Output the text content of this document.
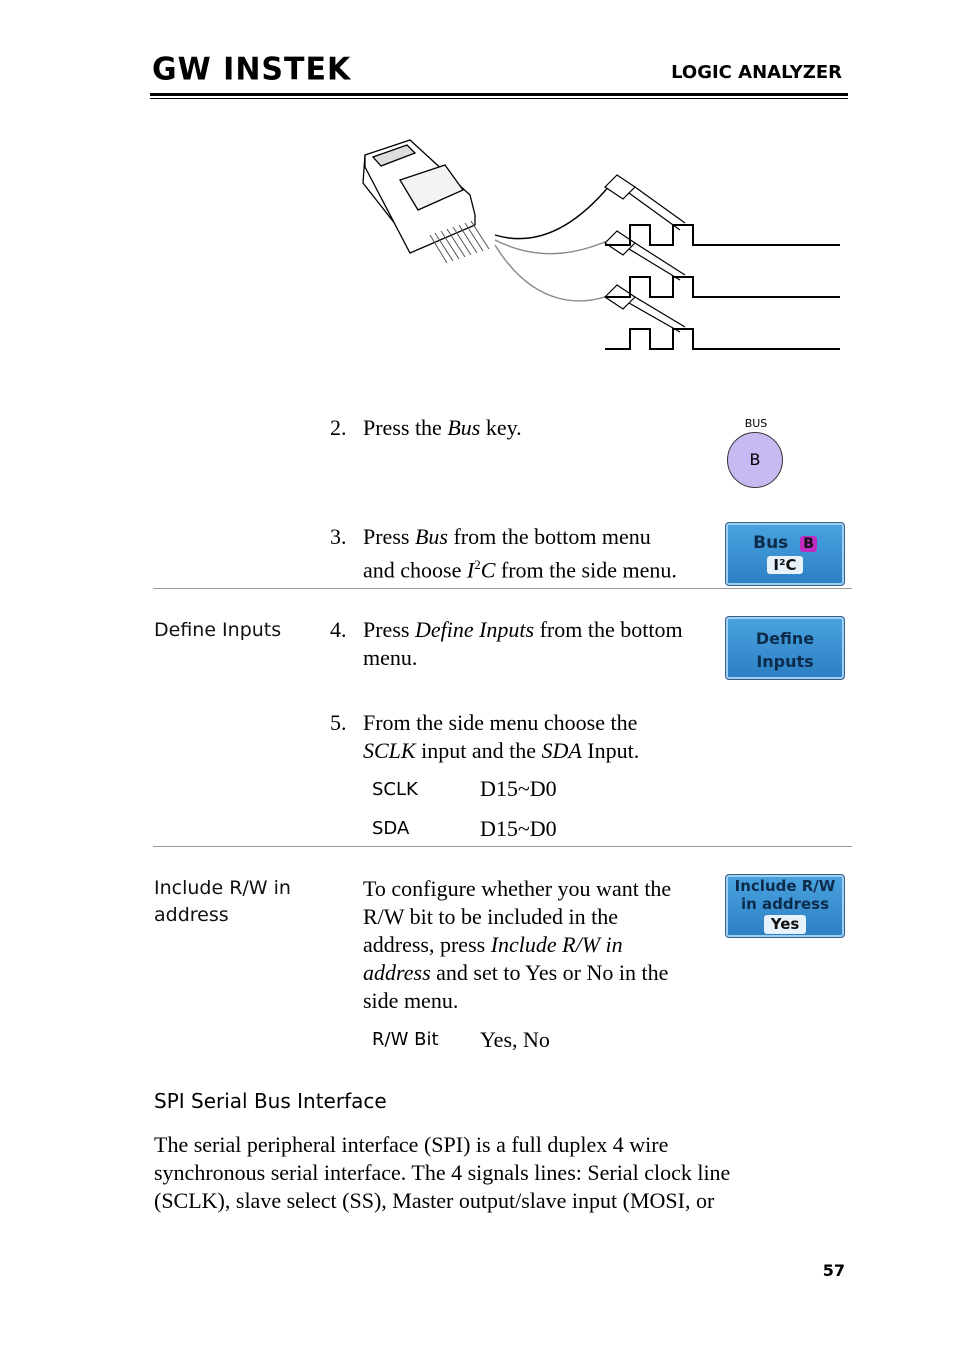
GW INSTEK	LOGIC ANALYZER
2. Press the Bus key.	BUS
B
3. Press Bus from the bottom menu
and choose $I^2C$ from the side menu.
Bus B
I²C
Define Inputs 4. Press Define Inputs from the bottom
menu.
Define
Inputs
5. From the side menu choose the
SCLK input and the SDA Input.
SCLK	D15~D0
SDA	D15~D0
Include R/W in
address
To configure whether you want the
R/W bit to be included in the
address, press Include R/W in
address and set to Yes or No in the
side menu.
Include R/W
in address
Yes
R/W Bit Yes, No
SPI Serial Bus Interface
The serial peripheral interface (SPI) is a full duplex 4 wire
synchronous serial interface. The 4 signals lines: Serial clock line
(SCLK), slave select (SS), Master output/slave input (MOSI, or
57
